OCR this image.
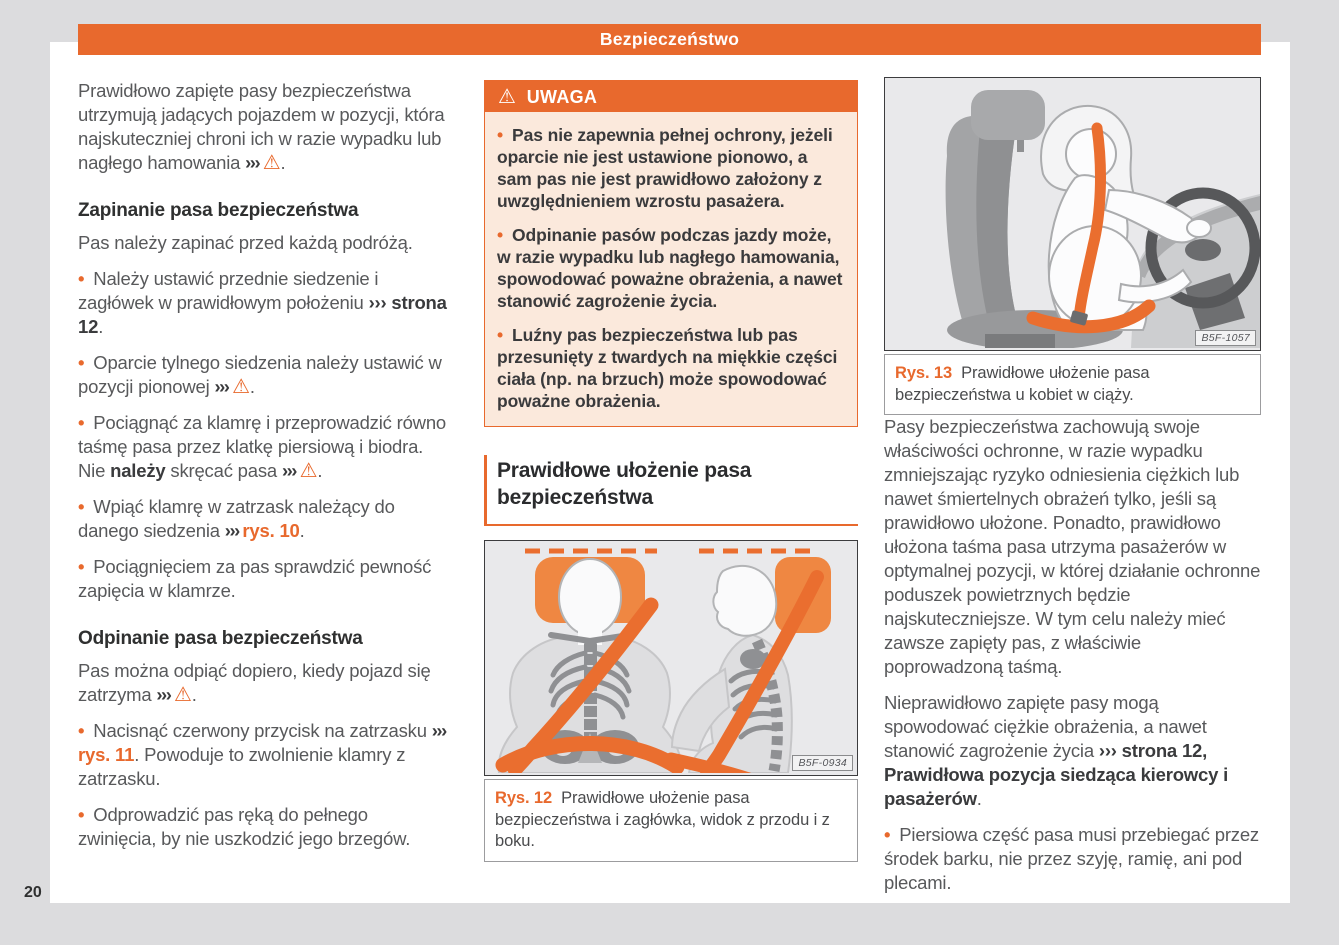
Bezpieczeństwo

Prawidłowo zapięte pasy bezpieczeństwa utrzymują jadących pojazdem w pozycji, która najskuteczniej chroni ich w razie wypadku lub nagłego hamowania ››› ⚠.

Zapinanie pasa bezpieczeństwa

Pas należy zapinać przed każdą podróżą.

• Należy ustawić przednie siedzenie i zagłówek w prawidłowym położeniu ››› strona 12.

• Oparcie tylnego siedzenia należy ustawić w pozycji pionowej ››› ⚠.

• Pociągnąć za klamrę i przeprowadzić równo taśmę pasa przez klatkę piersiową i biodra. Nie należy skręcać pasa ››› ⚠.

• Wpiąć klamrę w zatrzask należący do danego siedzenia ››› rys. 10.

• Pociągnięciem za pas sprawdzić pewność zapięcia w klamrze.

Odpinanie pasa bezpieczeństwa

Pas można odpiąć dopiero, kiedy pojazd się zatrzyma ››› ⚠.

• Nacisnąć czerwony przycisk na zatrzasku ››› rys. 11. Powoduje to zwolnienie klamry z zatrzasku.

• Odprowadzić pas ręką do pełnego zwinięcia, by nie uszkodzić jego brzegów.

⚠ UWAGA

• Pas nie zapewnia pełnej ochrony, jeżeli oparcie nie jest ustawione pionowo, a sam pas nie jest prawidłowo założony z uwzględnieniem wzrostu pasażera.

• Odpinanie pasów podczas jazdy może, w razie wypadku lub nagłego hamowania, spowodować poważne obrażenia, a nawet stanowić zagrożenie życia.

• Luźny pas bezpieczeństwa lub pas przesunięty z twardych na miękkie części ciała (np. na brzuch) może spowodować poważne obrażenia.

Prawidłowe ułożenie pasa bezpieczeństwa
B5F-0934
Rys. 12 Prawidłowe ułożenie pasa bezpieczeństwa i zagłówka, widok z przodu i z boku.
B5F-1057
Rys. 13 Prawidłowe ułożenie pasa bezpieczeństwa u kobiet w ciąży.

Pasy bezpieczeństwa zachowują swoje właściwości ochronne, w razie wypadku zmniejszając ryzyko odniesienia ciężkich lub nawet śmiertelnych obrażeń tylko, jeśli są prawidłowo ułożone. Ponadto, prawidłowo ułożona taśma pasa utrzyma pasażerów w optymalnej pozycji, w której działanie ochronne poduszek powietrznych będzie najskuteczniejsze. W tym celu należy mieć zawsze zapięty pas, z właściwie poprowadzoną taśmą.

Nieprawidłowo zapięte pasy mogą spowodować ciężkie obrażenia, a nawet stanowić zagrożenie życia ››› strona 12, Prawidłowa pozycja siedząca kierowcy i pasażerów.

• Piersiowa część pasa musi przebiegać przez środek barku, nie przez szyję, ramię, ani pod plecami.

20
